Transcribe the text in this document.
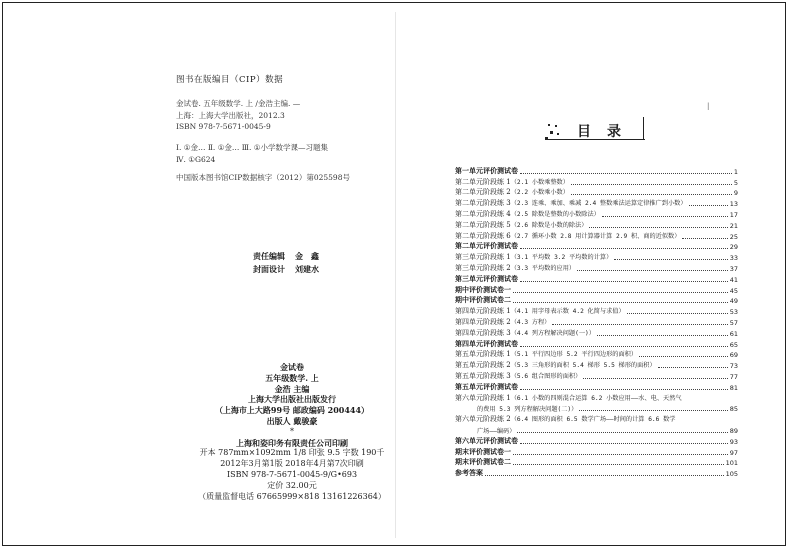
图书在版编目（CIP）数据
金试卷. 五年级数学. 上 /金浩主编. —
上海：上海大学出版社，2012.3
ISBN 978-7-5671-0045-9
Ⅰ. ①金… Ⅱ. ①金… Ⅲ. ①小学数学课—习题集
Ⅳ. ①G624
中国版本图书馆CIP数据核字（2012）第025598号
责任编辑 金　鑫
封面设计 刘建水
金试卷
五年级数学. 上
金浩 主编
上海大学出版社出版发行
（上海市上大路99号 邮政编码 200444）
出版人 戴骏豪
*
上海和姿印务有限责任公司印刷
开本 787mm×1092mm 1/8 印张 9.5 字数 190千
2012年3月第1版 2018年4月第7次印刷
ISBN 978-7-5671-0045-9/G•693
定价 32.00元
（质量监督电话 67665999×818 13161226364）
目录
|
第一单元评价测试卷	1
第二单元阶段练 1（2.1 小数乘整数）	5
第二单元阶段练 2（2.2 小数乘小数）	9
第二单元阶段练 3（2.3 连乘、乘加、乘减 2.4 整数乘法运算定律推广到小数）	13
第二单元阶段练 4（2.5 除数是整数的小数除法）	17
第二单元阶段练 5（2.6 除数是小数的除法）	21
第二单元阶段练 6（2.7 循环小数 2.8 用计算器计算 2.9 积、商的近似数）	25
第二单元评价测试卷	29
第三单元阶段练 1（3.1 平均数 3.2 平均数的计算）	33
第三单元阶段练 2（3.3 平均数的应用）	37
第三单元评价测试卷	41
期中评价测试卷一	45
期中评价测试卷二	49
第四单元阶段练 1（4.1 用字母表示数 4.2 化简与求值）	53
第四单元阶段练 2（4.3 方程）	57
第四单元阶段练 3（4.4 列方程解决问题(一)）	61
第四单元评价测试卷	65
第五单元阶段练 1（5.1 平行四边形 5.2 平行四边形的面积）	69
第五单元阶段练 2（5.3 三角形的面积 5.4 梯形 5.5 梯形的面积）	73
第五单元阶段练 3（5.6 组合图形的面积）	77
第五单元评价测试卷	81
第六单元阶段练 1（6.1 小数的四则混合运算 6.2 小数应用——水、电、天然气
的费用 5.3 列方程解决问题(二)）	85
第六单元阶段练 2（6.4 图形的面积 6.5 数学广场——时间的计算 6.6 数学
广场——编码）	89
第六单元评价测试卷	93
期末评价测试卷一	97
期末评价测试卷二	101
参考答案	105
